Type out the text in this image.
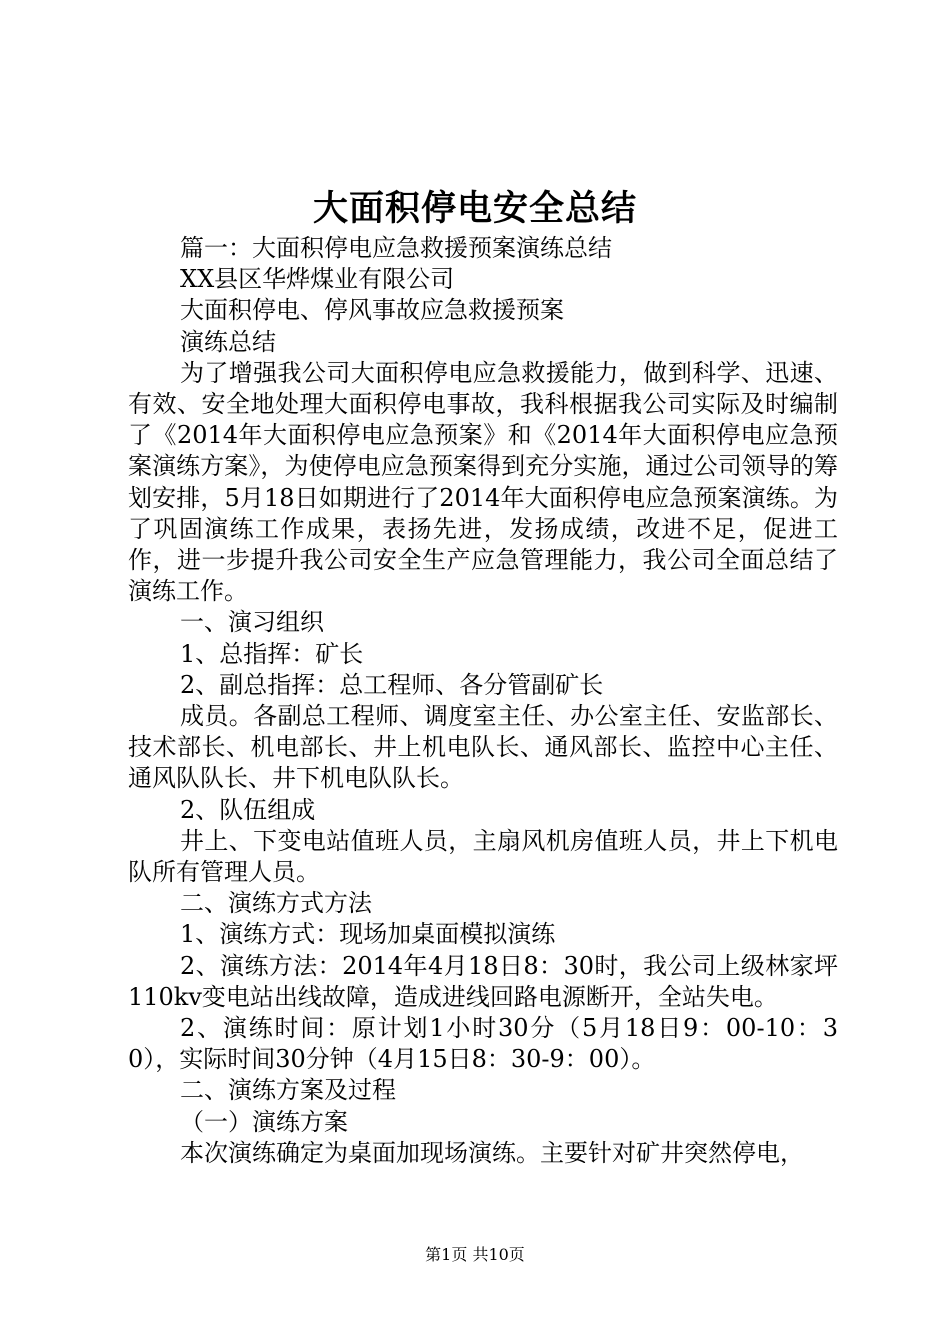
大面积停电安全总结

篇一：大面积停电应急救援预案演练总结

XX县区华烨煤业有限公司

大面积停电、停风事故应急救援预案

演练总结

为了增强我公司大面积停电应急救援能力，做到科学、迅速、有效、安全地处理大面积停电事故，我科根据我公司实际及时编制了《2014年大面积停电应急预案》和《2014年大面积停电应急预案演练方案》，为使停电应急预案得到充分实施，通过公司领导的筹划安排，5月18日如期进行了2014年大面积停电应急预案演练。为了巩固演练工作成果，表扬先进，发扬成绩，改进不足，促进工作，进一步提升我公司安全生产应急管理能力，我公司全面总结了演练工作。

一、演习组织

1、总指挥：矿长

2、副总指挥：总工程师、各分管副矿长

成员。各副总工程师、调度室主任、办公室主任、安监部长、技术部长、机电部长、井上机电队长、通风部长、监控中心主任、通风队队长、井下机电队队长。

2、队伍组成

井上、下变电站值班人员，主扇风机房值班人员，井上下机电队所有管理人员。

二、演练方式方法

1、演练方式：现场加桌面模拟演练

2、演练方法：2014年4月18日8：30时，我公司上级林家坪110kv变电站出线故障，造成进线回路电源断开，全站失电。

2、演练时间：原计划1小时30分（5月18日9：00-10：30），实际时间30分钟（4月15日8：30-9：00）。

二、演练方案及过程

（一）演练方案

本次演练确定为桌面加现场演练。主要针对矿井突然停电，

第1页 共10页
